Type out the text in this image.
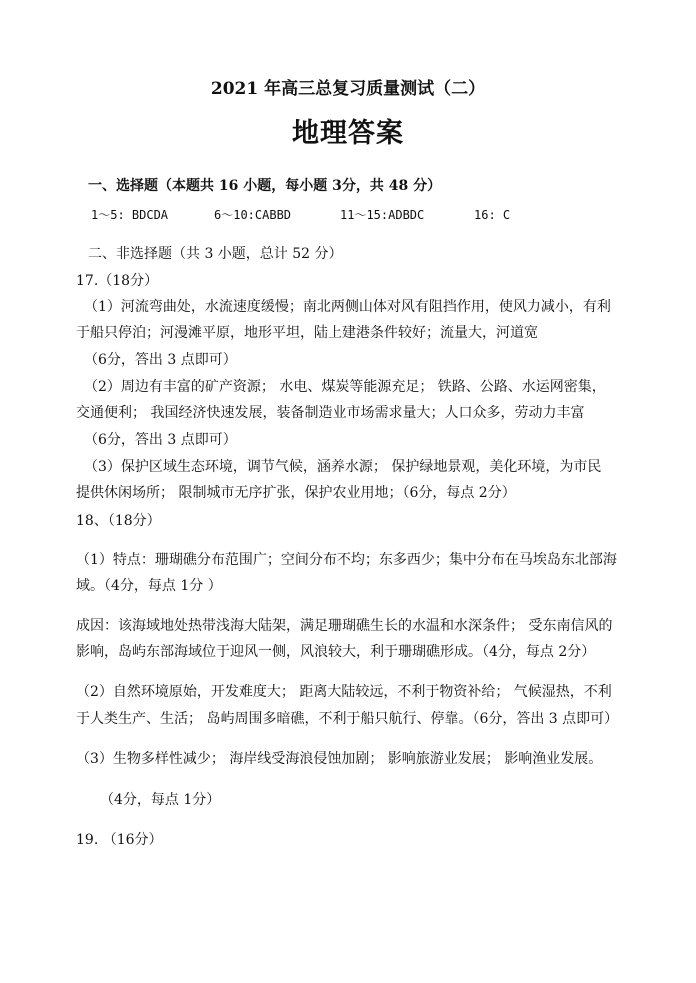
2021 年高三总复习质量测试（二）
地理答案
一、选择题（本题共 16 小题，每小题 3分，共 48 分）
1～5: BDCDA	6～10:CABBD	11～15:ADBDC	16: C
二、非选择题（共 3 小题，总计 52 分）
17.（18分）
（1）河流弯曲处，水流速度缓慢；南北两侧山体对风有阻挡作用，使风力减小，有利
于船只停泊；河漫滩平原，地形平坦，陆上建港条件较好；流量大，河道宽
（6分，答出 3 点即可）
（2）周边有丰富的矿产资源； 水电、煤炭等能源充足； 铁路、公路、水运网密集，
交通便利； 我国经济快速发展，装备制造业市场需求量大；人口众多，劳动力丰富
（6分，答出 3 点即可）
（3）保护区域生态环境，调节气候，涵养水源； 保护绿地景观，美化环境，为市民
提供休闲场所； 限制城市无序扩张，保护农业用地；（6分，每点 2分）
18、（18分）
（1）特点：珊瑚礁分布范围广；空间分布不均；东多西少；集中分布在马埃岛东北部海
域。（4分，每点 1分 ）
成因：该海域地处热带浅海大陆架，满足珊瑚礁生长的水温和水深条件； 受东南信风的
影响，岛屿东部海域位于迎风一侧，风浪较大，利于珊瑚礁形成。（4分，每点 2分）
（2）自然环境原始，开发难度大； 距离大陆较远，不利于物资补给； 气候湿热，不利
于人类生产、生活； 岛屿周围多暗礁，不利于船只航行、停靠。（6分，答出 3 点即可）
（3）生物多样性减少； 海岸线受海浪侵蚀加剧； 影响旅游业发展； 影响渔业发展。
（4分，每点 1分）
19. （16分）
